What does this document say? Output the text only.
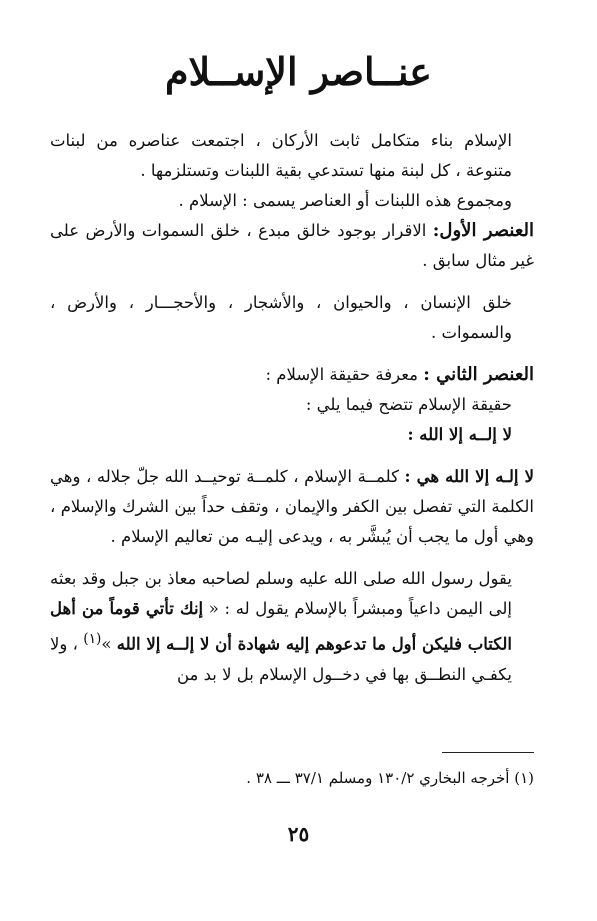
عنــاصر الإســلام

الإسلام بناء متكامل ثابت الأركان ، اجتمعت عناصره من لبنات متنوعة ، كل لبنة منها تستدعي بقية اللبنات وتستلزمها .

ومجموع هذه اللبنات أو العناصر يسمى : الإسلام .

العنصر الأول: الاقرار بوجود خالق مبدع ، خلق السموات والأرض على غير مثال سابق .

خلق الإنسان ، والحيوان ، والأشجار ، والأحجـــار ، والأرض ، والسموات .

العنصر الثاني : معرفة حقيقة الإسلام :

حقيقة الإسلام تتضح فيما يلي :

لا إلــه إلا الله :

لا إلـه إلا الله هي : كلمــة الإسلام ، كلمــة توحيــد الله جلّ جلاله ، وهي الكلمة التي تفصل بين الكفر والإيمان ، وتقف حداً بين الشرك والإسلام ، وهي أول ما يجب أن يُبشَّر به ، ويدعى إليـه من تعاليم الإسلام .

يقول رسول الله صلى الله عليه وسلم لصاحبه معاذ بن جبل وقد بعثه إلى اليمن داعياً ومبشراً بالإسلام يقول له : « إنك تأتي قوماً من أهل الكتاب فليكن أول ما تدعوهم إليه شهادة أن لا إلــه إلا الله »$^{(١)}$ ، ولا يكفـي النطــق بها في دخــول الإسلام بل لا بد من

(١) أخرجه البخاري ١٣٠/٢ ومسلم ٣٧/١ ـــ ٣٨ .
٢٥
